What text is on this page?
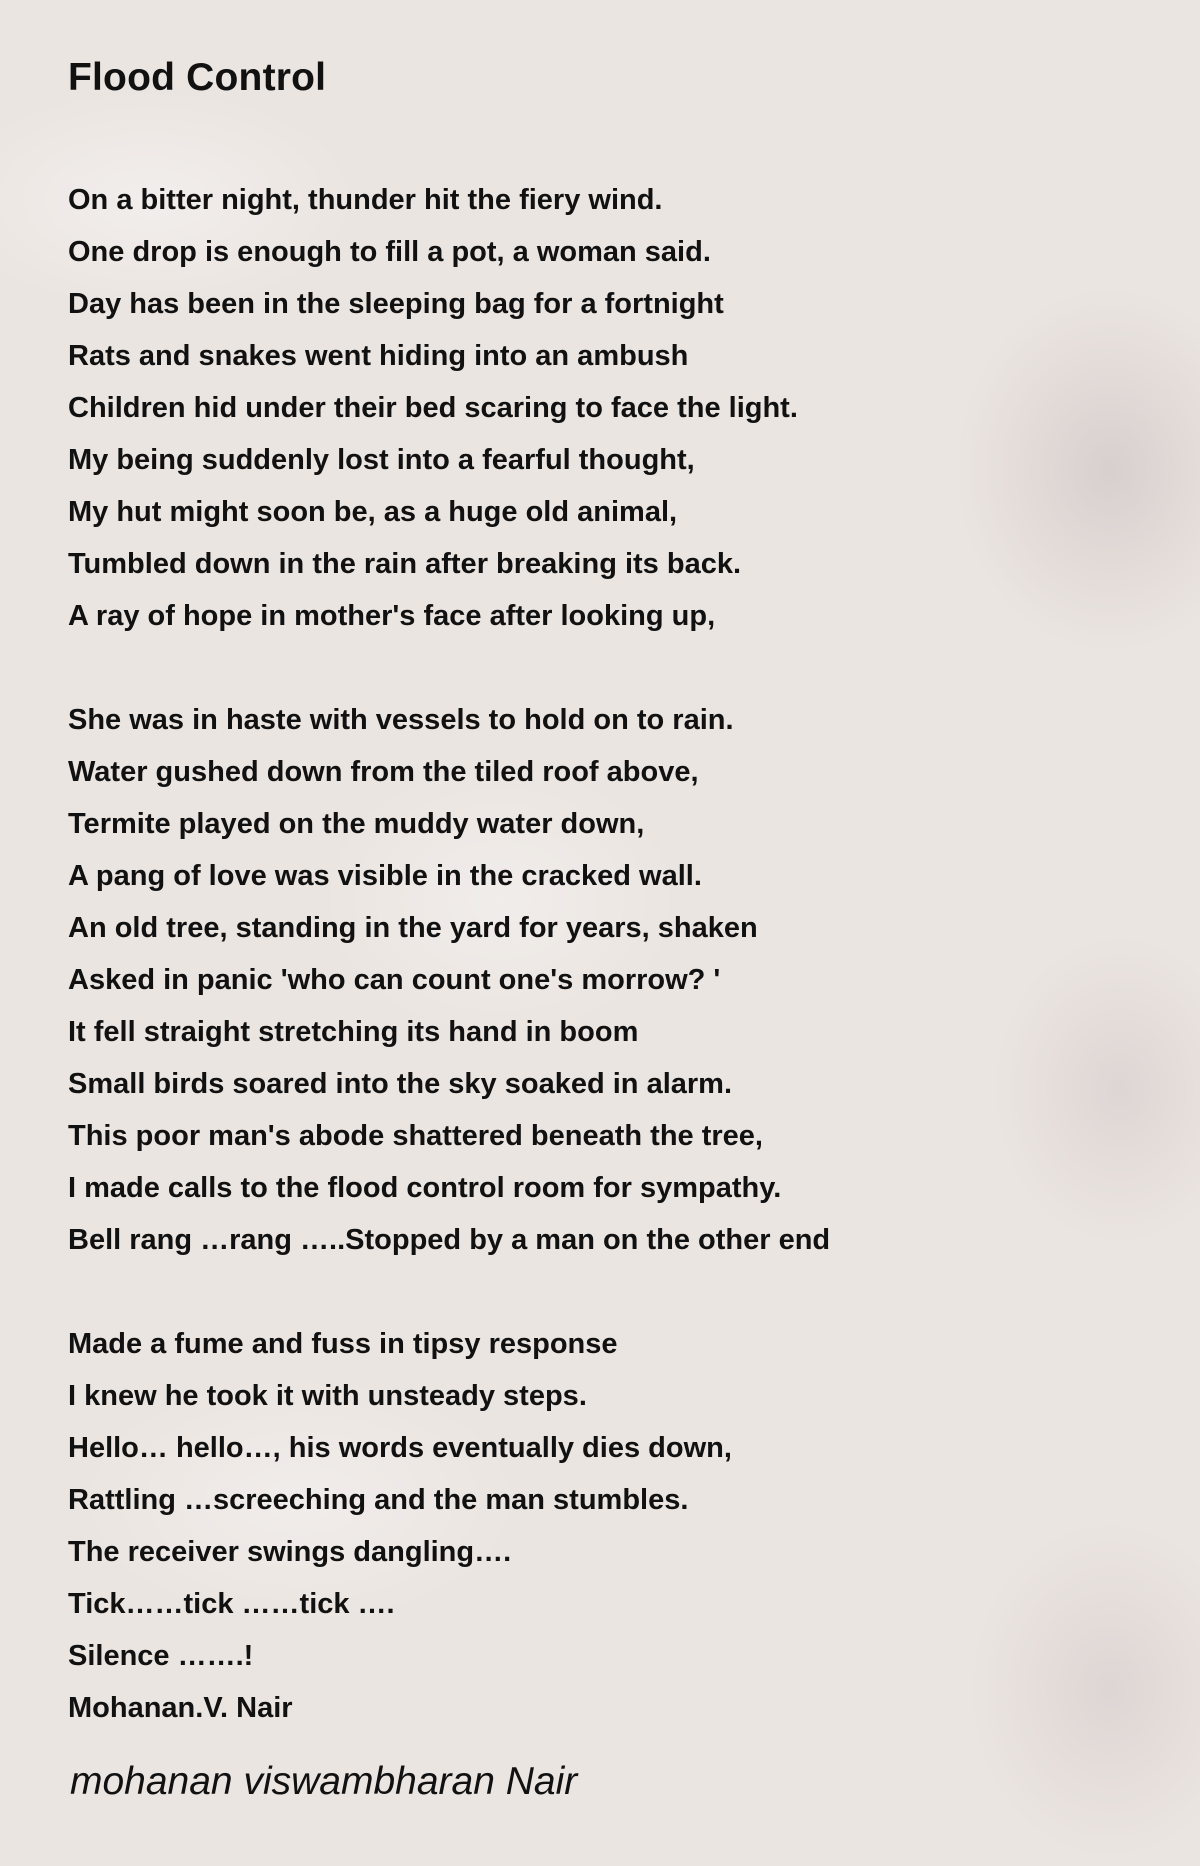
Flood Control
On a bitter night, thunder hit the fiery wind.
One drop is enough to fill a pot, a woman said.
Day has been in the sleeping bag for a fortnight
Rats and snakes went hiding into an ambush
Children hid under their bed scaring to face the light.
My being suddenly lost into a fearful thought,
My hut might soon be, as a huge old animal,
Tumbled down in the rain after breaking its back.
A ray of hope in mother's face after looking up,
She was in haste with vessels to hold on to rain.
Water gushed down from the tiled roof above,
Termite played on the muddy water down,
A pang of love was visible in the cracked wall.
An old tree, standing in the yard for years, shaken
Asked in panic 'who can count one's morrow? '
It fell straight stretching its hand in boom
Small birds soared into the sky soaked in alarm.
This poor man's abode shattered beneath the tree,
I made calls to the flood control room for sympathy.
Bell rang …rang …..Stopped by a man on the other end
Made a fume and fuss in tipsy response
I knew he took it with unsteady steps.
Hello… hello…, his words eventually dies down,
Rattling …screeching and the man stumbles.
The receiver swings dangling….
Tick……tick ……tick ….
Silence …….!
Mohanan.V. Nair
mohanan viswambharan Nair
